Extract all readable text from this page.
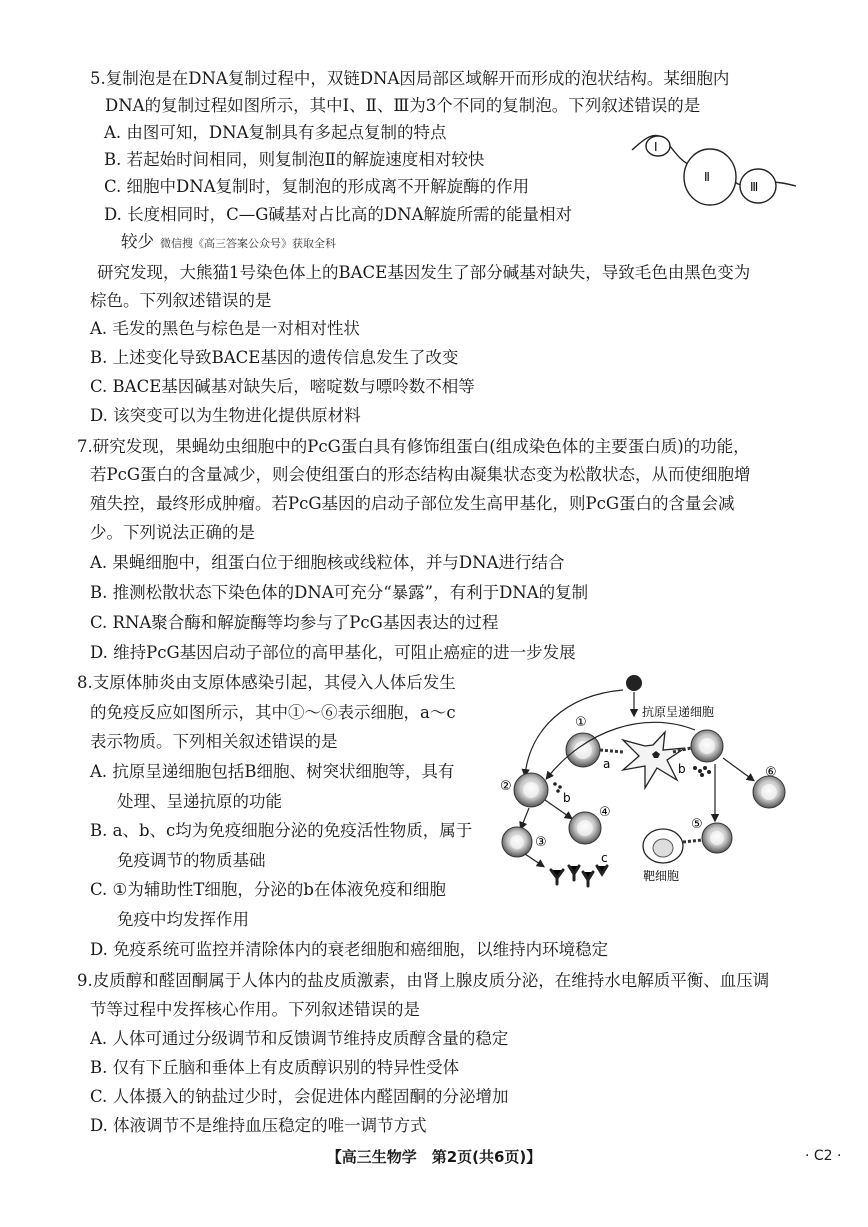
5.复制泡是在DNA复制过程中，双链DNA因局部区域解开而形成的泡状结构。某细胞内
DNA的复制过程如图所示，其中Ⅰ、Ⅱ、Ⅲ为3个不同的复制泡。下列叙述错误的是
A. 由图可知，DNA复制具有多起点复制的特点
B. 若起始时间相同，则复制泡Ⅱ的解旋速度相对较快
C. 细胞中DNA复制时，复制泡的形成离不开解旋酶的作用
D. 长度相同时，C—G碱基对占比高的DNA解旋所需的能量相对
较少 微信搜《高三答案公众号》获取全科
Ⅰ
Ⅱ
Ⅲ
研究发现，大熊猫1号染色体上的BACE基因发生了部分碱基对缺失，导致毛色由黑色变为
棕色。下列叙述错误的是
A. 毛发的黑色与棕色是一对相对性状
B. 上述变化导致BACE基因的遗传信息发生了改变
C. BACE基因碱基对缺失后，嘧啶数与嘌呤数不相等
D. 该突变可以为生物进化提供原材料
7.研究发现，果蝇幼虫细胞中的PcG蛋白具有修饰组蛋白(组成染色体的主要蛋白质)的功能，
若PcG蛋白的含量减少，则会使组蛋白的形态结构由凝集状态变为松散状态，从而使细胞增
殖失控，最终形成肿瘤。若PcG基因的启动子部位发生高甲基化，则PcG蛋白的含量会减
少。下列说法正确的是
A. 果蝇细胞中，组蛋白位于细胞核或线粒体，并与DNA进行结合
B. 推测松散状态下染色体的DNA可充分“暴露”，有利于DNA的复制
C. RNA聚合酶和解旋酶等均参与了PcG基因表达的过程
D. 维持PcG基因启动子部位的高甲基化，可阻止癌症的进一步发展
8.支原体肺炎由支原体感染引起，其侵入人体后发生
的免疫反应如图所示，其中①～⑥表示细胞，a～c
表示物质。下列相关叙述错误的是
A. 抗原呈递细胞包括B细胞、树突状细胞等，具有
处理、呈递抗原的功能
B. a、b、c均为免疫细胞分泌的免疫活性物质，属于
免疫调节的物质基础
C. ①为辅助性T细胞，分泌的b在体液免疫和细胞
免疫中均发挥作用
D. 免疫系统可监控并清除体内的衰老细胞和癌细胞，以维持内环境稳定
抗原呈递细胞
①
a	b
②
b
⑥
④
③
c
⑤
靶细胞
9.皮质醇和醛固酮属于人体内的盐皮质激素，由肾上腺皮质分泌，在维持水电解质平衡、血压调
节等过程中发挥核心作用。下列叙述错误的是
A. 人体可通过分级调节和反馈调节维持皮质醇含量的稳定
B. 仅有下丘脑和垂体上有皮质醇识别的特异性受体
C. 人体摄入的钠盐过少时，会促进体内醛固酮的分泌增加
D. 体液调节不是维持血压稳定的唯一调节方式
【高三生物学　第2页(共6页)】	· C2 ·
